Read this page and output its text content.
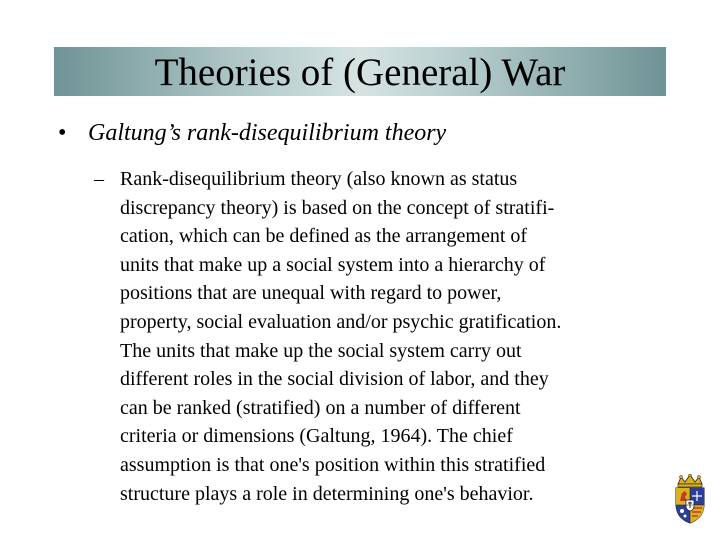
Theories of (General) War
• Galtung’s rank-disequilibrium theory
– Rank-disequilibrium theory (also known as status
discrepancy theory) is based on the concept of stratifi-
cation, which can be defined as the arrangement of
units that make up a social system into a hierarchy of
positions that are unequal with regard to power,
property, social evaluation and/or psychic gratification.
The units that make up the social system carry out
different roles in the social division of labor, and they
can be ranked (stratified) on a number of different
criteria or dimensions (Galtung, 1964). The chief
assumption is that one's position within this stratified
structure plays a role in determining one's behavior.
